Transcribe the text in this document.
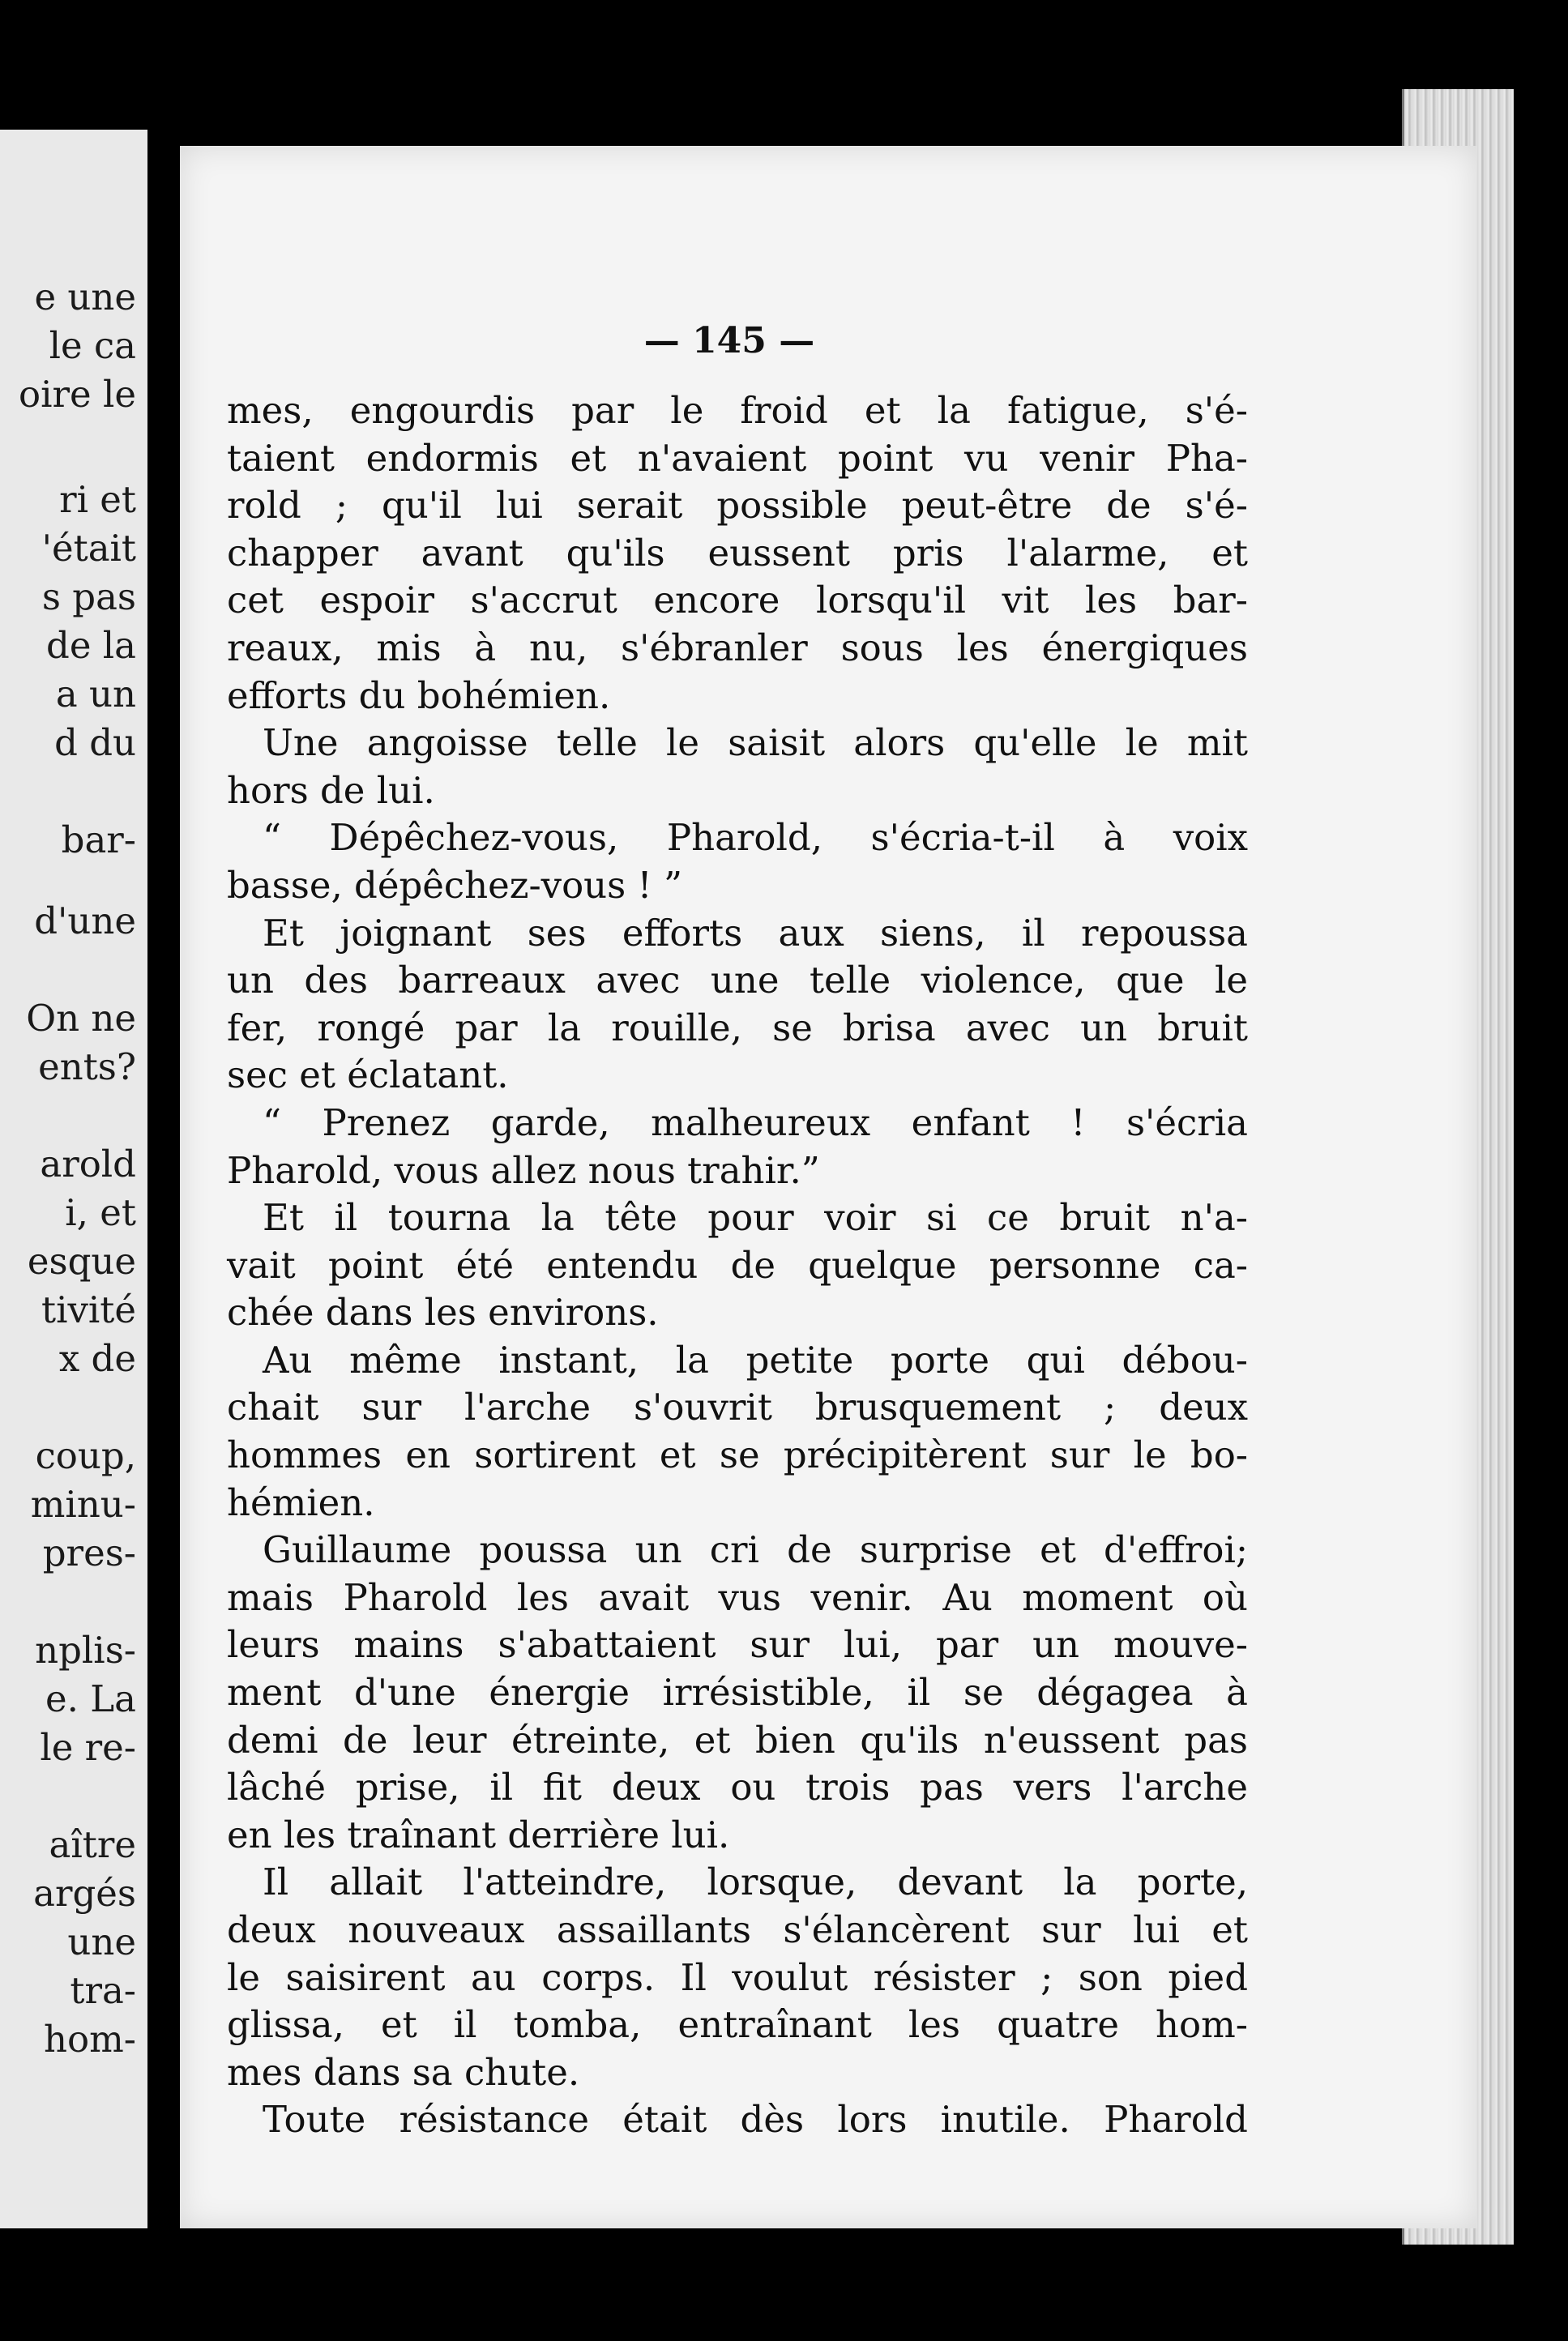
e une
le ca
oire le
ri et
'était
s pas
de la
a un
d du
bar-
d'une
On ne
ents?
arold
i, et
esque
tivité
x de
coup,
minu-
pres-
nplis-
e. La
le re-
aître
argés
une
tra-
hom-
— 145 —
mes, engourdis par le froid et la fatigue, s'é-
taient endormis et n'avaient point vu venir Pha-
rold ; qu'il lui serait possible peut-être de s'é-
chapper avant qu'ils eussent pris l'alarme, et
cet espoir s'accrut encore lorsqu'il vit les bar-
reaux, mis à nu, s'ébranler sous les énergiques
efforts du bohémien.
Une angoisse telle le saisit alors qu'elle le mit
hors de lui.
“ Dépêchez-vous, Pharold, s'écria-t-il à voix
basse, dépêchez-vous ! ”
Et joignant ses efforts aux siens, il repoussa
un des barreaux avec une telle violence, que le
fer, rongé par la rouille, se brisa avec un bruit
sec et éclatant.
“ Prenez garde, malheureux enfant ! s'écria
Pharold, vous allez nous trahir.”
Et il tourna la tête pour voir si ce bruit n'a-
vait point été entendu de quelque personne ca-
chée dans les environs.
Au même instant, la petite porte qui débou-
chait sur l'arche s'ouvrit brusquement ; deux
hommes en sortirent et se précipitèrent sur le bo-
hémien.
Guillaume poussa un cri de surprise et d'effroi;
mais Pharold les avait vus venir. Au moment où
leurs mains s'abattaient sur lui, par un mouve-
ment d'une énergie irrésistible, il se dégagea à
demi de leur étreinte, et bien qu'ils n'eussent pas
lâché prise, il fit deux ou trois pas vers l'arche
en les traînant derrière lui.
Il allait l'atteindre, lorsque, devant la porte,
deux nouveaux assaillants s'élancèrent sur lui et
le saisirent au corps. Il voulut résister ; son pied
glissa, et il tomba, entraînant les quatre hom-
mes dans sa chute.
Toute résistance était dès lors inutile. Pharold
